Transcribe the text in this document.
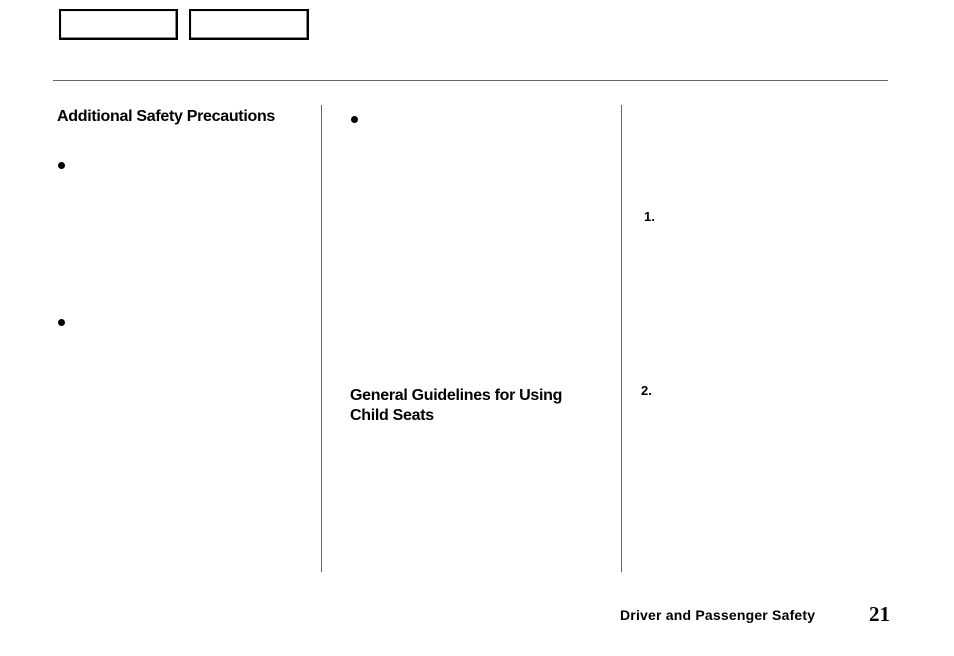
Additional Safety Precautions
General Guidelines for Using Child Seats
1.
2.
Driver and Passenger Safety	21
